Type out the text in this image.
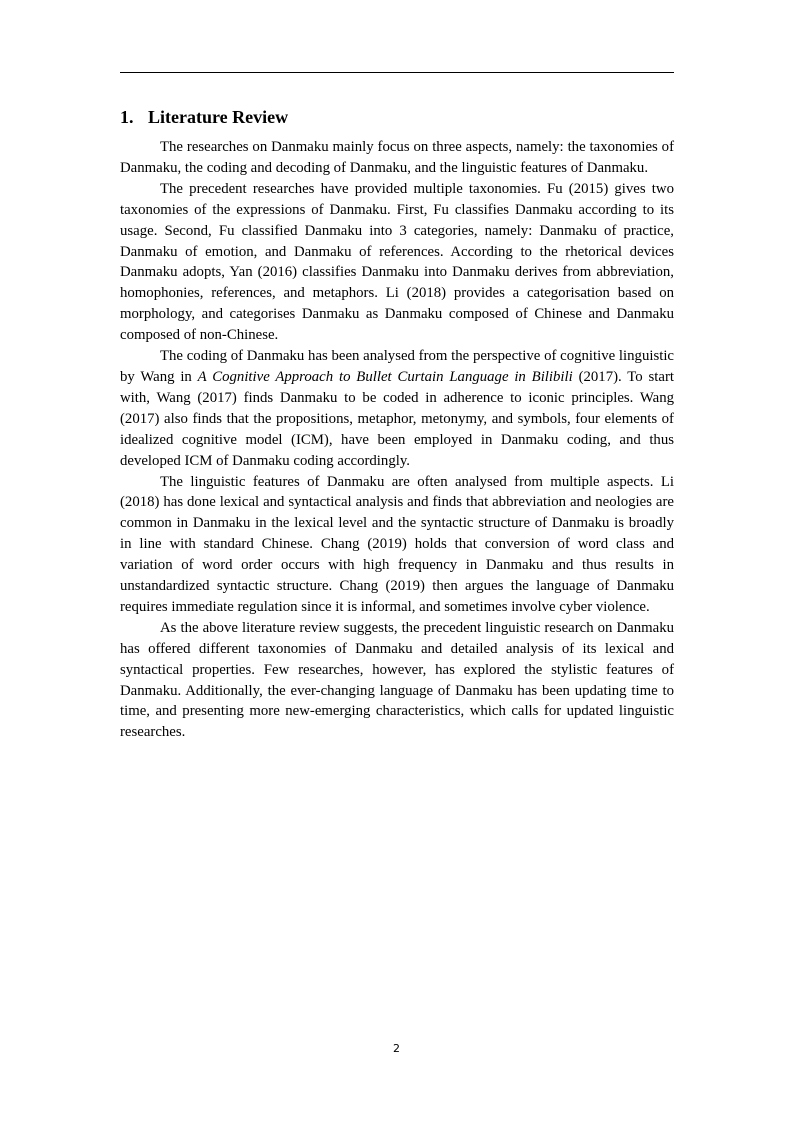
1. Literature Review

The researches on Danmaku mainly focus on three aspects, namely: the taxonomies of Danmaku, the coding and decoding of Danmaku, and the linguistic features of Danmaku.

The precedent researches have provided multiple taxonomies. Fu (2015) gives two taxonomies of the expressions of Danmaku. First, Fu classifies Danmaku according to its usage. Second, Fu classified Danmaku into 3 categories, namely: Danmaku of practice, Danmaku of emotion, and Danmaku of references. According to the rhetorical devices Danmaku adopts, Yan (2016) classifies Danmaku into Danmaku derives from abbreviation, homophonies, references, and metaphors. Li (2018) provides a categorisation based on morphology, and categorises Danmaku as Danmaku composed of Chinese and Danmaku composed of non-Chinese.

The coding of Danmaku has been analysed from the perspective of cognitive linguistic by Wang in A Cognitive Approach to Bullet Curtain Language in Bilibili (2017). To start with, Wang (2017) finds Danmaku to be coded in adherence to iconic principles. Wang (2017) also finds that the propositions, metaphor, metonymy, and symbols, four elements of idealized cognitive model (ICM), have been employed in Danmaku coding, and thus developed ICM of Danmaku coding accordingly.

The linguistic features of Danmaku are often analysed from multiple aspects. Li (2018) has done lexical and syntactical analysis and finds that abbreviation and neologies are common in Danmaku in the lexical level and the syntactic structure of Danmaku is broadly in line with standard Chinese. Chang (2019) holds that conversion of word class and variation of word order occurs with high frequency in Danmaku and thus results in unstandardized syntactic structure. Chang (2019) then argues the language of Danmaku requires immediate regulation since it is informal, and sometimes involve cyber violence.

As the above literature review suggests, the precedent linguistic research on Danmaku has offered different taxonomies of Danmaku and detailed analysis of its lexical and syntactical properties. Few researches, however, has explored the stylistic features of Danmaku. Additionally, the ever-changing language of Danmaku has been updating time to time, and presenting more new-emerging characteristics, which calls for updated linguistic researches.

2
